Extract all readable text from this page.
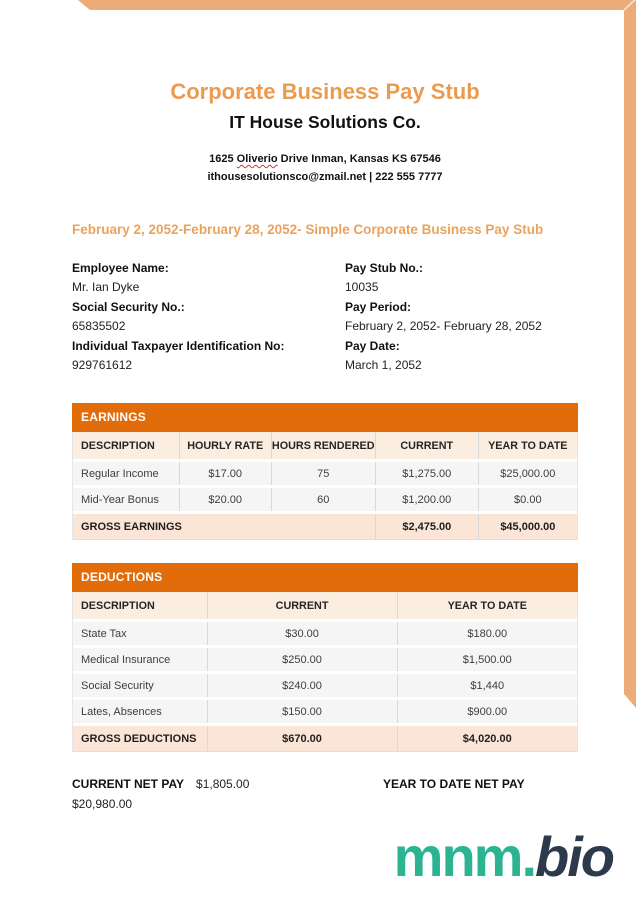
Corporate Business Pay Stub
IT House Solutions Co.
1625 Oliverio Drive Inman, Kansas KS 67546
ithousesolutionsco@zmail.net | 222 555 7777
February 2, 2052-February 28, 2052- Simple Corporate Business Pay Stub
Employee Name:
Mr. Ian Dyke
Social Security No.:
65835502
Individual Taxpayer Identification No:
929761612
Pay Stub No.:
10035
Pay Period:
February 2, 2052- February 28, 2052
Pay Date:
March 1, 2052
EARNINGS
DESCRIPTION	HOURLY RATE HOURS RENDERED	CURRENT	YEAR TO DATE
Regular Income	$17.00	75	$1,275.00	$25,000.00
Mid-Year Bonus	$20.00	60	$1,200.00	$0.00
GROSS EARNINGS	$2,475.00	$45,000.00
DEDUCTIONS
DESCRIPTION	CURRENT	YEAR TO DATE
State Tax	$30.00	$180.00
Medical Insurance	$250.00	$1,500.00
Social Security	$240.00	$1,440
Lates, Absences	$150.00	$900.00
GROSS DEDUCTIONS	$670.00	$4,020.00
CURRENT NET PAY $1,805.00	YEAR TO DATE NET PAY
$20,980.00
mnm.bio
